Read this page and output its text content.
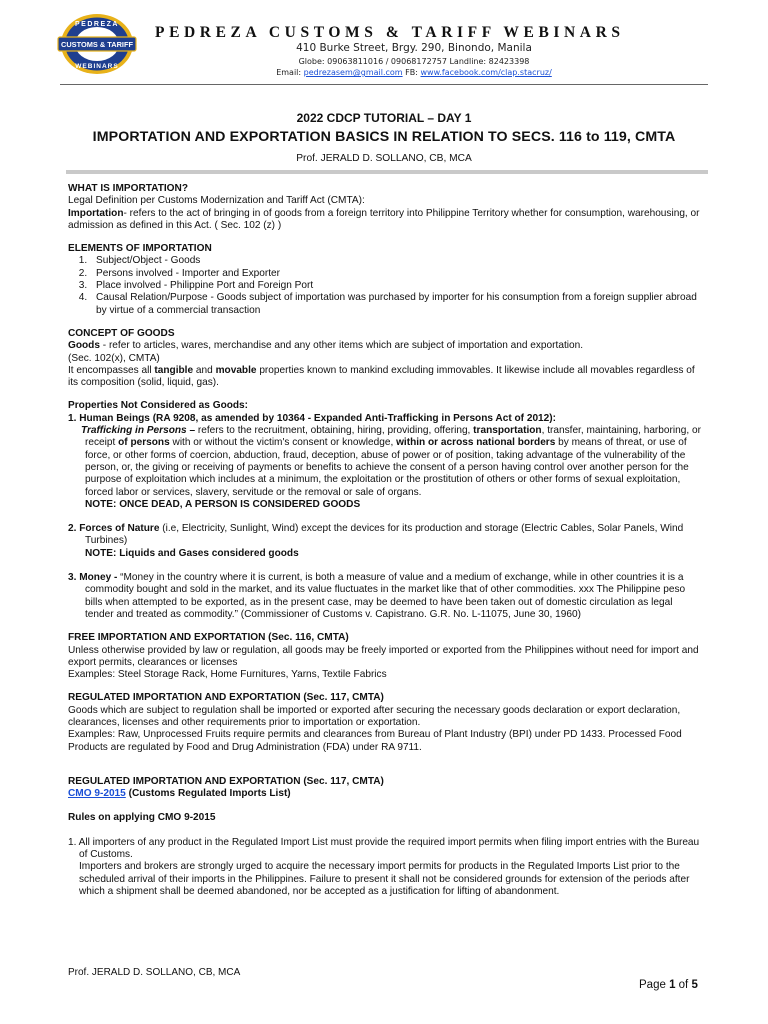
PEDREZA
CUSTOMS & TARIFF
WEBINARS
PEDREZA CUSTOMS & TARIFF WEBINARS
410 Burke Street, Brgy. 290, Binondo, Manila
Globe: 09063811016 / 09068172757 Landline: 82423398
Email: pedrezasem@gmail.com FB: www.facebook.com/clap.stacruz/
2022 CDCP TUTORIAL – DAY 1
IMPORTATION AND EXPORTATION BASICS IN RELATION TO SECS. 116 to 119, CMTA
Prof. JERALD D. SOLLANO, CB, MCA

WHAT IS IMPORTATION?

Legal Definition per Customs Modernization and Tariff Act (CMTA):

Importation- refers to the act of bringing in of goods from a foreign territory into Philippine Territory whether for consumption, warehousing, or admission as defined in this Act. ( Sec. 102 (z) )

ELEMENTS OF IMPORTATION

1. Subject/Object - Goods
2. Persons involved - Importer and Exporter
3. Place involved - Philippine Port and Foreign Port
4. Causal Relation/Purpose - Goods subject of importation was purchased by importer for his consumption from a foreign supplier abroad by virtue of a commercial transaction

CONCEPT OF GOODS

Goods - refer to articles, wares, merchandise and any other items which are subject of importation and exportation.

(Sec. 102(x), CMTA)

It encompasses all tangible and movable properties known to mankind excluding immovables. It likewise include all movables regardless of its composition (solid, liquid, gas).

Properties Not Considered as Goods:

1. Human Beings (RA 9208, as amended by 10364 - Expanded Anti-Trafficking in Persons Act of 2012):

Trafficking in Persons – refers to the recruitment, obtaining, hiring, providing, offering, transportation, transfer, maintaining, harboring, or receipt of persons with or without the victim's consent or knowledge, within or across national borders by means of threat, or use of force, or other forms of coercion, abduction, fraud, deception, abuse of power or of position, taking advantage of the vulnerability of the person, or, the giving or receiving of payments or benefits to achieve the consent of a person having control over another person for the purpose of exploitation which includes at a minimum, the exploitation or the prostitution of others or other forms of sexual exploitation, forced labor or services, slavery, servitude or the removal or sale of organs.

NOTE: ONCE DEAD, A PERSON IS CONSIDERED GOODS

2. Forces of Nature (i.e, Electricity, Sunlight, Wind) except the devices for its production and storage (Electric Cables, Solar Panels, Wind Turbines)

NOTE: Liquids and Gases considered goods

3. Money - “Money in the country where it is current, is both a measure of value and a medium of exchange, while in other countries it is a commodity bought and sold in the market, and its value fluctuates in the market like that of other commodities. xxx The Philippine peso bills when attempted to be exported, as in the present case, may be deemed to have been taken out of domestic circulation as legal tender and treated as commodity.” (Commissioner of Customs v. Capistrano. G.R. No. L-11075, June 30, 1960)

FREE IMPORTATION AND EXPORTATION (Sec. 116, CMTA)

Unless otherwise provided by law or regulation, all goods may be freely imported or exported from the Philippines without need for import and export permits, clearances or licenses

Examples: Steel Storage Rack, Home Furnitures, Yarns, Textile Fabrics

REGULATED IMPORTATION AND EXPORTATION (Sec. 117, CMTA)

Goods which are subject to regulation shall be imported or exported after securing the necessary goods declaration or export declaration, clearances, licenses and other requirements prior to importation or exportation.

Examples: Raw, Unprocessed Fruits require permits and clearances from Bureau of Plant Industry (BPI) under PD 1433. Processed Food Products are regulated by Food and Drug Administration (FDA) under RA 9711.

REGULATED IMPORTATION AND EXPORTATION (Sec. 117, CMTA)

CMO 9-2015 (Customs Regulated Imports List)

Rules on applying CMO 9-2015

1. All importers of any product in the Regulated Import List must provide the required import permits when filing import entries with the Bureau of Customs.

Importers and brokers are strongly urged to acquire the necessary import permits for products in the Regulated Imports List prior to the scheduled arrival of their imports in the Philippines. Failure to present it shall not be considered grounds for extension of the periods after which a shipment shall be deemed abandoned, nor be accepted as a justification for lifting of abandonment.

Prof. JERALD D. SOLLANO, CB, MCA
Page 1 of 5
